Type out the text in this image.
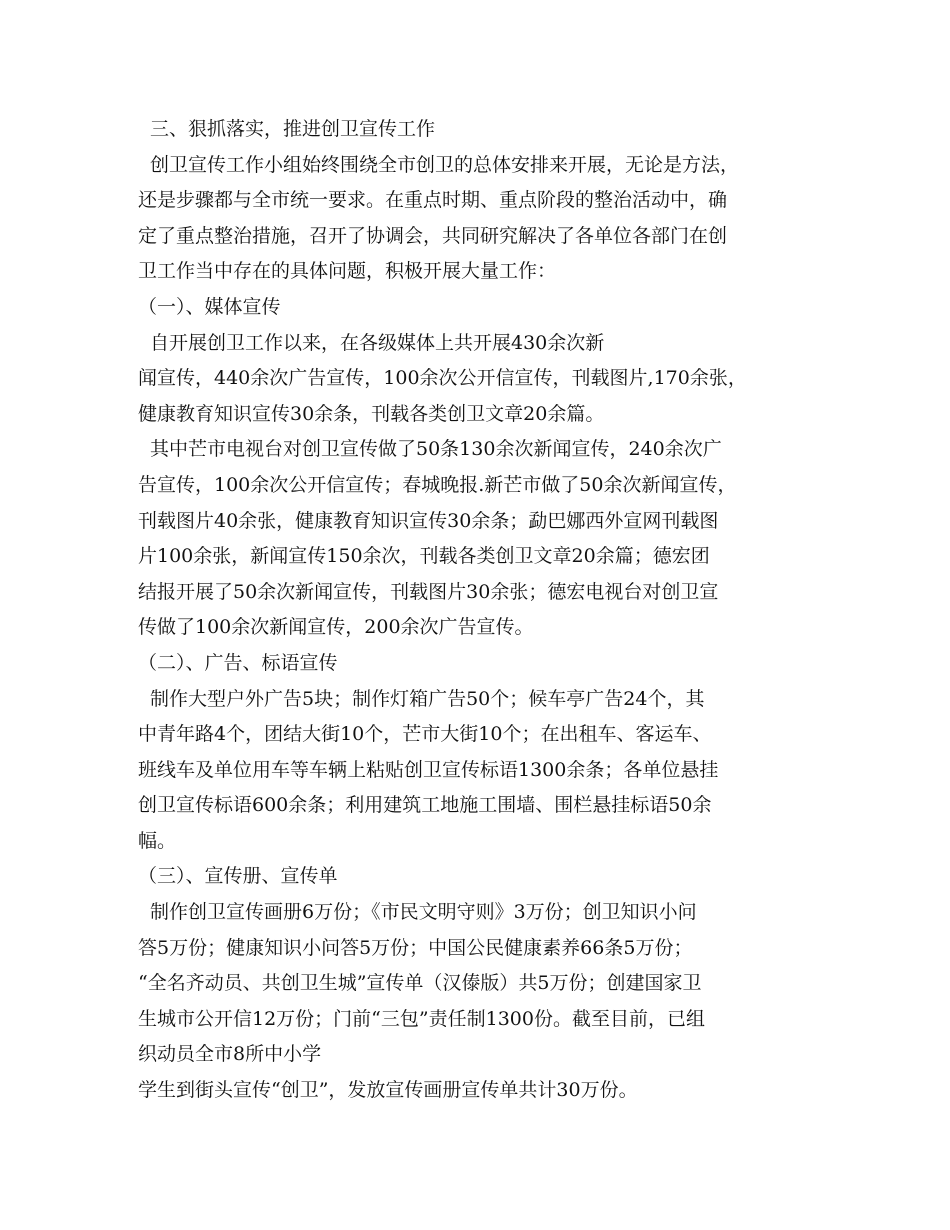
三、狠抓落实，推进创卫宣传工作
创卫宣传工作小组始终围绕全市创卫的总体安排来开展，无论是方法，
还是步骤都与全市统一要求。在重点时期、重点阶段的整治活动中，确
定了重点整治措施，召开了协调会，共同研究解决了各单位各部门在创
卫工作当中存在的具体问题，积极开展大量工作：
（一）、媒体宣传
自开展创卫工作以来，在各级媒体上共开展430余次新
闻宣传，440余次广告宣传，100余次公开信宣传，刊载图片,170余张，
健康教育知识宣传30余条，刊载各类创卫文章20余篇。
其中芒市电视台对创卫宣传做了50条130余次新闻宣传，240余次广
告宣传，100余次公开信宣传；春城晚报.新芒市做了50余次新闻宣传，
刊载图片40余张，健康教育知识宣传30余条；勐巴娜西外宣网刊载图
片100余张，新闻宣传150余次，刊载各类创卫文章20余篇；德宏团
结报开展了50余次新闻宣传，刊载图片30余张；德宏电视台对创卫宣
传做了100余次新闻宣传，200余次广告宣传。
（二）、广告、标语宣传
制作大型户外广告5块；制作灯箱广告50个；候车亭广告24个，其
中青年路4个，团结大街10个，芒市大街10个；在出租车、客运车、
班线车及单位用车等车辆上粘贴创卫宣传标语1300余条；各单位悬挂
创卫宣传标语600余条；利用建筑工地施工围墙、围栏悬挂标语50余
幅。
（三）、宣传册、宣传单
制作创卫宣传画册6万份；《市民文明守则》3万份；创卫知识小问
答5万份；健康知识小问答5万份；中国公民健康素养66条5万份；
“全名齐动员、共创卫生城”宣传单（汉傣版）共5万份；创建国家卫
生城市公开信12万份；门前“三包”责任制1300份。截至目前，已组
织动员全市8所中小学
学生到街头宣传“创卫”，发放宣传画册宣传单共计30万份。
